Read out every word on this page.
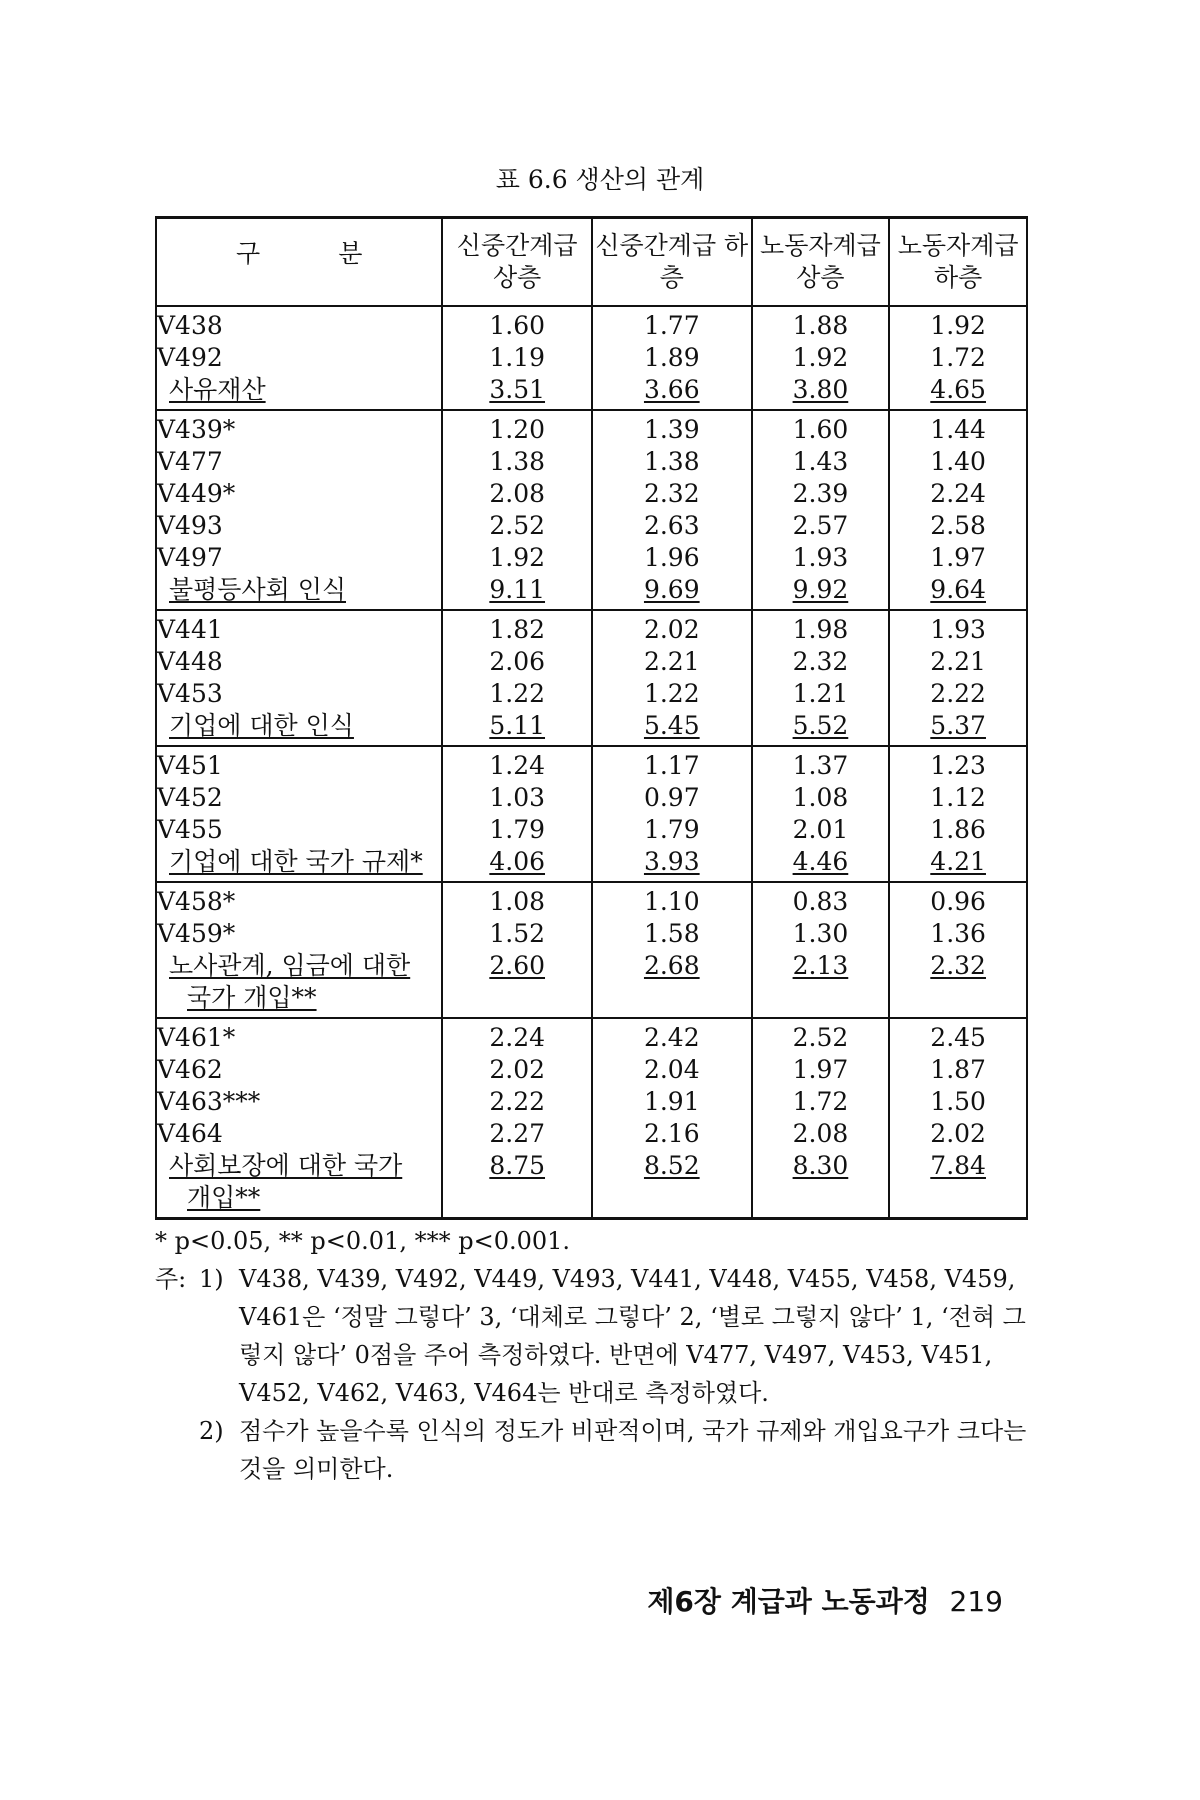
표 6.6 생산의 관계
구 분	신중간계급 상층	신중간계급 하층	노동자계급 상층	노동자계급 하층
V438	1.60	1.77	1.88	1.92
V492	1.19	1.89	1.92	1.72
사유재산	3.51	3.66	3.80	4.65
V439*	1.20	1.39	1.60	1.44
V477	1.38	1.38	1.43	1.40
V449*	2.08	2.32	2.39	2.24
V493	2.52	2.63	2.57	2.58
V497	1.92	1.96	1.93	1.97
불평등사회 인식	9.11	9.69	9.92	9.64
V441	1.82	2.02	1.98	1.93
V448	2.06	2.21	2.32	2.21
V453	1.22	1.22	1.21	2.22
기업에 대한 인식	5.11	5.45	5.52	5.37
V451	1.24	1.17	1.37	1.23
V452	1.03	0.97	1.08	1.12
V455	1.79	1.79	2.01	1.86
기업에 대한 국가 규제*	4.06	3.93	4.46	4.21
V458*	1.08	1.10	0.83	0.96
V459*	1.52	1.58	1.30	1.36
노사관계, 임금에 대한
국가 개입**	2.60	2.68	2.13	2.32
V461*	2.24	2.42	2.52	2.45
V462	2.02	2.04	1.97	1.87
V463***	2.22	1.91	1.72	1.50
V464	2.27	2.16	2.08	2.02
사회보장에 대한 국가
개입**	8.75	8.52	8.30	7.84

* p<0.05, ** p<0.01, *** p<0.001.

주: 1) V438, V439, V492, V449, V493, V441, V448, V455, V458, V459, V461은 ‘정말 그렇다’ 3, ‘대체로 그렇다’ 2, ‘별로 그렇지 않다’ 1, ‘전혀 그렇지 않다’ 0점을 주어 측정하였다. 반면에 V477, V497, V453, V451, V452, V462, V463, V464는 반대로 측정하였다.
2) 점수가 높을수록 인식의 정도가 비판적이며, 국가 규제와 개입요구가 크다는 것을 의미한다.
제6장 계급과 노동과정 219
